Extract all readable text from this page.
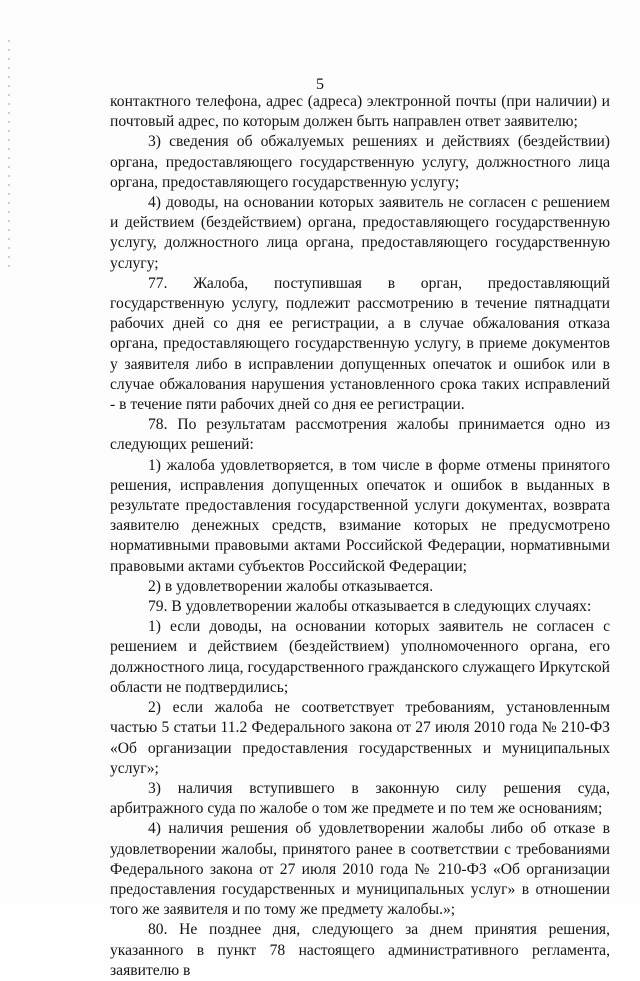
5

контактного телефона, адрес (адреса) электронной почты (при наличии) и почтовый адрес, по которым должен быть направлен ответ заявителю;

3) сведения об обжалуемых решениях и действиях (бездействии) органа, предоставляющего государственную услугу, должностного лица органа, предоставляющего государственную услугу;

4) доводы, на основании которых заявитель не согласен с решением и действием (бездействием) органа, предоставляющего государственную услугу, должностного лица органа, предоставляющего государственную услугу;

77. Жалоба, поступившая в орган, предоставляющий государственную услугу, подлежит рассмотрению в течение пятнадцати рабочих дней со дня ее регистрации, а в случае обжалования отказа органа, предоставляющего государственную услугу, в приеме документов у заявителя либо в исправлении допущенных опечаток и ошибок или в случае обжалования нарушения установленного срока таких исправлений - в течение пяти рабочих дней со дня ее регистрации.

78. По результатам рассмотрения жалобы принимается одно из следующих решений:

1) жалоба удовлетворяется, в том числе в форме отмены принятого решения, исправления допущенных опечаток и ошибок в выданных в результате предоставления государственной услуги документах, возврата заявителю денежных средств, взимание которых не предусмотрено нормативными правовыми актами Российской Федерации, нормативными правовыми актами субъектов Российской Федерации;

2) в удовлетворении жалобы отказывается.

79. В удовлетворении жалобы отказывается в следующих случаях:

1) если доводы, на основании которых заявитель не согласен с решением и действием (бездействием) уполномоченного органа, его должностного лица, государственного гражданского служащего Иркутской области не подтвердились;

2) если жалоба не соответствует требованиям, установленным частью 5 статьи 11.2 Федерального закона от 27 июля 2010 года № 210-ФЗ «Об организации предоставления государственных и муниципальных услуг»;

3) наличия вступившего в законную силу решения суда, арбитражного суда по жалобе о том же предмете и по тем же основаниям;

4) наличия решения об удовлетворении жалобы либо об отказе в удовлетворении жалобы, принятого ранее в соответствии с требованиями Федерального закона от 27 июля 2010 года № 210-ФЗ «Об организации предоставления государственных и муниципальных услуг» в отношении того же заявителя и по тому же предмету жалобы.»;

80. Не позднее дня, следующего за днем принятия решения, указанного в пункт 78 настоящего административного регламента, заявителю в
